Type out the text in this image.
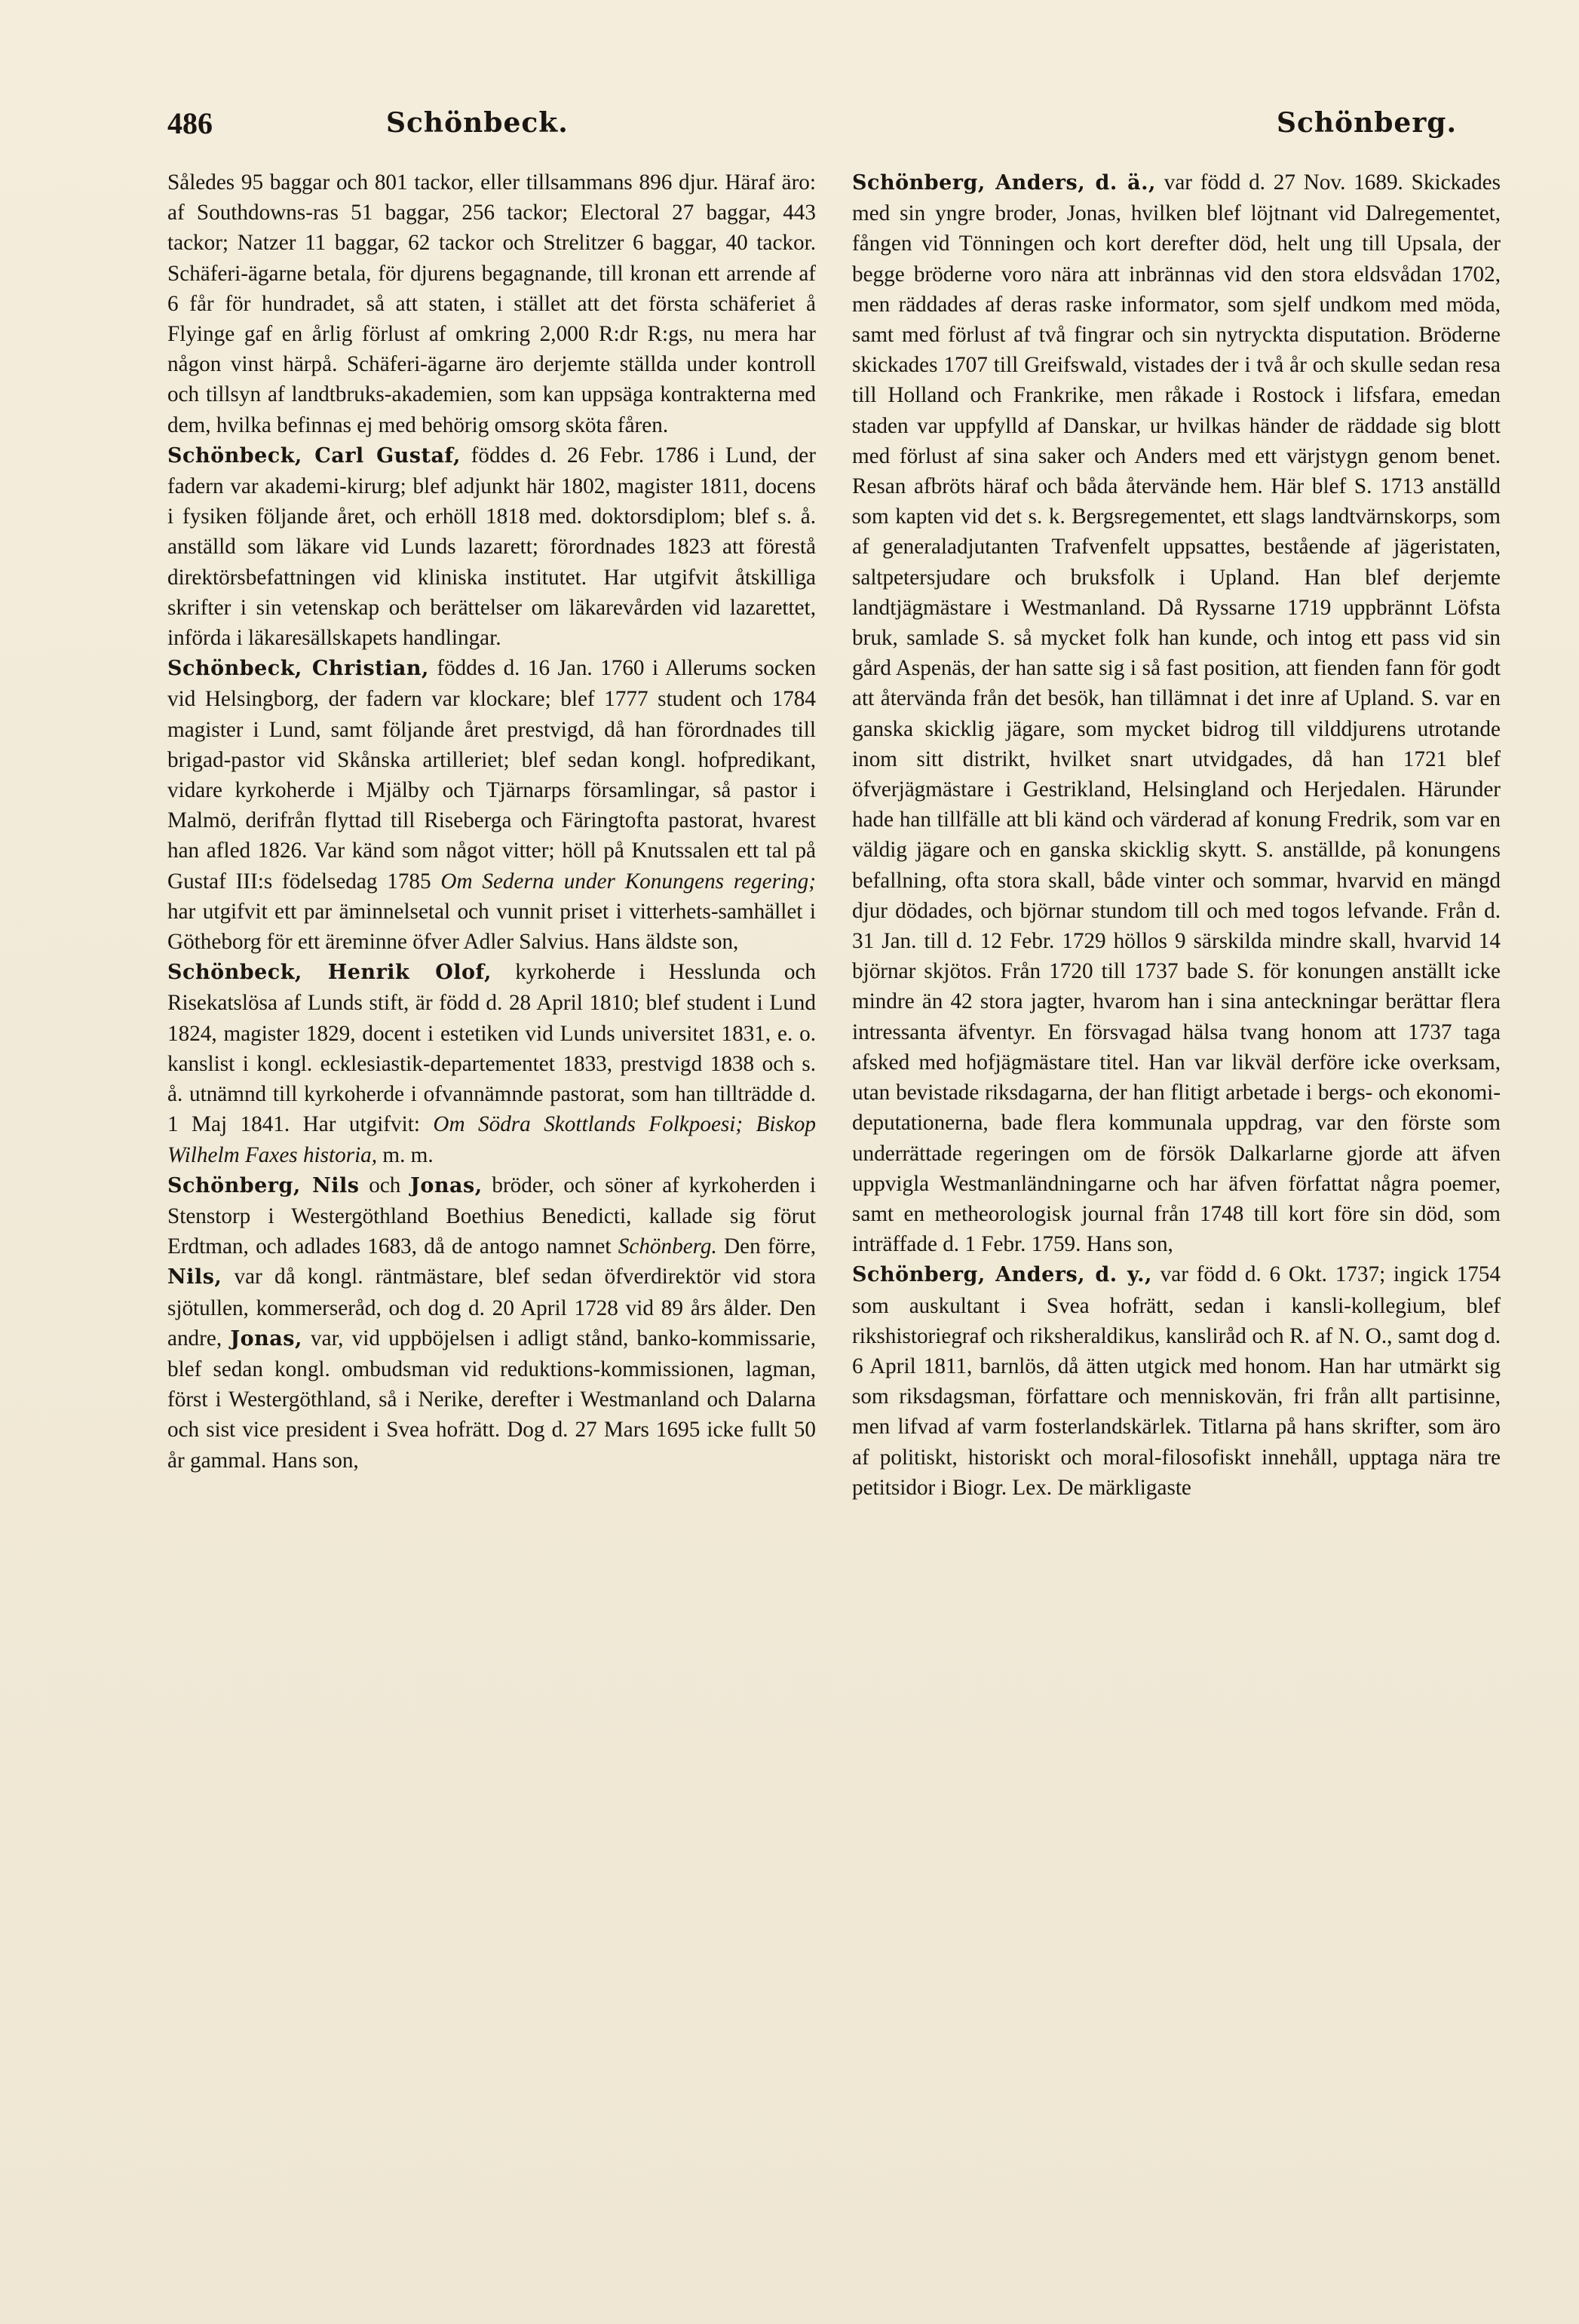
486	Schönbeck.	Schönberg.

Således 95 baggar och 801 tackor, eller tillsammans 896 djur. Häraf äro: af Southdowns-ras 51 baggar, 256 tackor; Electoral 27 baggar, 443 tackor; Natzer 11 baggar, 62 tackor och Strelitzer 6 baggar, 40 tackor. Schäferi-ägarne betala, för djurens begagnande, till kronan ett arrende af 6 får för hundradet, så att staten, i stället att det första schäferiet å Flyinge gaf en årlig förlust af omkring 2,000 R:dr R:gs, nu mera har någon vinst härpå. Schäferi-ägarne äro derjemte ställda under kontroll och tillsyn af landtbruks-akademien, som kan uppsäga kontrakterna med dem, hvilka befinnas ej med behörig omsorg sköta fåren.

Schönbeck, Carl Gustaf, föddes d. 26 Febr. 1786 i Lund, der fadern var akademi-kirurg; blef adjunkt här 1802, magister 1811, docens i fysiken följande året, och erhöll 1818 med. doktorsdiplom; blef s. å. anställd som läkare vid Lunds lazarett; förordnades 1823 att förestå direktörsbefattningen vid kliniska institutet. Har utgifvit åtskilliga skrifter i sin vetenskap och berättelser om läkarevården vid lazarettet, införda i läkaresällskapets handlingar.

Schönbeck, Christian, föddes d. 16 Jan. 1760 i Allerums socken vid Helsingborg, der fadern var klockare; blef 1777 student och 1784 magister i Lund, samt följande året prestvigd, då han förordnades till brigad-pastor vid Skånska artilleriet; blef sedan kongl. hofpredikant, vidare kyrkoherde i Mjälby och Tjärnarps församlingar, så pastor i Malmö, derifrån flyttad till Riseberga och Färingtofta pastorat, hvarest han afled 1826. Var känd som något vitter; höll på Knutssalen ett tal på Gustaf III:s födelsedag 1785 Om Sederna under Konungens regering; har utgifvit ett par äminnelsetal och vunnit priset i vitterhets-samhället i Götheborg för ett äreminne öfver Adler Salvius. Hans äldste son,

Schönbeck, Henrik Olof, kyrkoherde i Hesslunda och Risekatslösa af Lunds stift, är född d. 28 April 1810; blef student i Lund 1824, magister 1829, docent i estetiken vid Lunds universitet 1831, e. o. kanslist i kongl. ecklesiastik-departementet 1833, prestvigd 1838 och s. å. utnämnd till kyrkoherde i ofvannämnde pastorat, som han tillträdde d. 1 Maj 1841. Har utgifvit: Om Södra Skottlands Folkpoesi; Biskop Wilhelm Faxes historia, m. m.

Schönberg, Nils och Jonas, bröder, och söner af kyrkoherden i Stenstorp i Westergöthland Boethius Benedicti, kallade sig förut Erdtman, och adlades 1683, då de antogo namnet Schönberg. Den förre, Nils, var då kongl. räntmästare, blef sedan öfverdirektör vid stora sjötullen, kommerseråd, och dog d. 20 April 1728 vid 89 års ålder. Den andre, Jonas, var, vid uppböjelsen i adligt stånd, banko-kommissarie, blef sedan kongl. ombudsman vid reduktions-kommissionen, lagman, först i Westergöthland, så i Nerike, derefter i Westmanland och Dalarna och sist vice president i Svea hofrätt. Dog d. 27 Mars 1695 icke fullt 50 år gammal. Hans son,

Schönberg, Anders, d. ä., var född d. 27 Nov. 1689. Skickades med sin yngre broder, Jonas, hvilken blef löjtnant vid Dalregementet, fången vid Tönningen och kort derefter död, helt ung till Upsala, der begge bröderne voro nära att inbrännas vid den stora eldsvådan 1702, men räddades af deras raske informator, som sjelf undkom med möda, samt med förlust af två fingrar och sin nytryckta disputation. Bröderne skickades 1707 till Greifswald, vistades der i två år och skulle sedan resa till Holland och Frankrike, men råkade i Rostock i lifsfara, emedan staden var uppfylld af Danskar, ur hvilkas händer de räddade sig blott med förlust af sina saker och Anders med ett värjstygn genom benet. Resan afbröts häraf och båda återvände hem. Här blef S. 1713 anställd som kapten vid det s. k. Bergsregementet, ett slags landtvärnskorps, som af generaladjutanten Trafvenfelt uppsattes, bestående af jägeristaten, saltpetersjudare och bruksfolk i Upland. Han blef derjemte landtjägmästare i Westmanland. Då Ryssarne 1719 uppbrännt Löfsta bruk, samlade S. så mycket folk han kunde, och intog ett pass vid sin gård Aspenäs, der han satte sig i så fast position, att fienden fann för godt att återvända från det besök, han tillämnat i det inre af Upland. S. var en ganska skicklig jägare, som mycket bidrog till vilddjurens utrotande inom sitt distrikt, hvilket snart utvidgades, då han 1721 blef öfverjägmästare i Gestrikland, Helsingland och Herjedalen. Härunder hade han tillfälle att bli känd och värderad af konung Fredrik, som var en väldig jägare och en ganska skicklig skytt. S. anställde, på konungens befallning, ofta stora skall, både vinter och sommar, hvarvid en mängd djur dödades, och björnar stundom till och med togos lefvande. Från d. 31 Jan. till d. 12 Febr. 1729 höllos 9 särskilda mindre skall, hvarvid 14 björnar skjötos. Från 1720 till 1737 bade S. för konungen anställt icke mindre än 42 stora jagter, hvarom han i sina anteckningar berättar flera intressanta äfventyr. En försvagad hälsa tvang honom att 1737 taga afsked med hofjägmästare titel. Han var likväl derföre icke overksam, utan bevistade riksdagarna, der han flitigt arbetade i bergs- och ekonomi-deputationerna, bade flera kommunala uppdrag, var den förste som underrättade regeringen om de försök Dalkarlarne gjorde att äfven uppvigla Westmanländningarne och har äfven författat några poemer, samt en metheorologisk journal från 1748 till kort före sin död, som inträffade d. 1 Febr. 1759. Hans son,

Schönberg, Anders, d. y., var född d. 6 Okt. 1737; ingick 1754 som auskultant i Svea hofrätt, sedan i kansli-kollegium, blef rikshistoriegraf och riksheraldikus, kansliråd och R. af N. O., samt dog d. 6 April 1811, barnlös, då ätten utgick med honom. Han har utmärkt sig som riksdagsman, författare och menniskovän, fri från allt partisinne, men lifvad af varm fosterlandskärlek. Titlarna på hans skrifter, som äro af politiskt, historiskt och moral-filosofiskt innehåll, upptaga nära tre petitsidor i Biogr. Lex. De märkligaste
